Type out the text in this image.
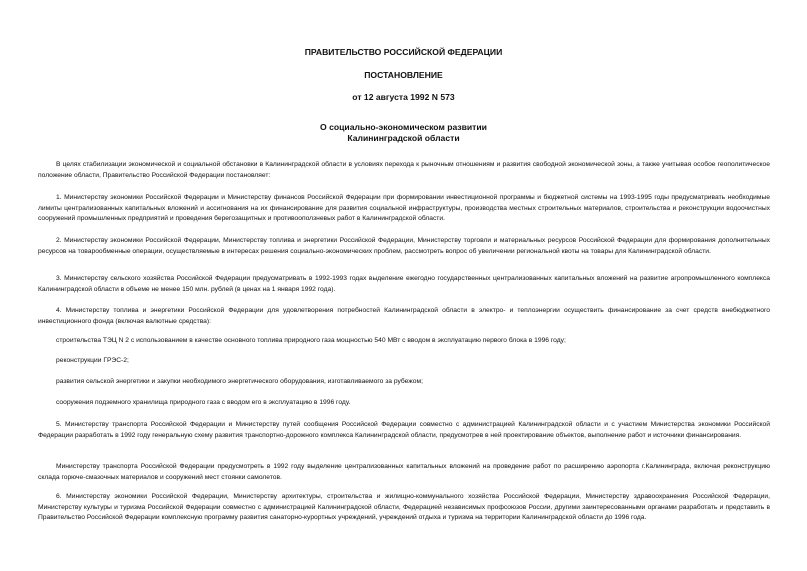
ПРАВИТЕЛЬСТВО РОССИЙСКОЙ ФЕДЕРАЦИИ
ПОСТАНОВЛЕНИЕ
от 12 августа 1992 N 573
О социально-экономическом развитии
Калининградской области

В целях стабилизации экономической и социальной обстановки в Калининградской области в условиях перехода к рыночным отношениям и развития свободной экономической зоны, а также учитывая особое геополитическое положение области, Правительство Российской Федерации постановляет:

1. Министерству экономики Российской Федерации и Министерству финансов Российской Федерации при формировании инвестиционной программы и бюджетной системы на 1993-1995 годы предусматривать необходимые лимиты централизованных капитальных вложений и ассигнования на их финансирование для развития социальной инфраструктуры, производства местных строительных материалов, строительства и реконструкции водоочистных сооружений промышленных предприятий и проведения берегозащитных и противооползневых работ в Калининградской области.

2. Министерству экономики Российской Федерации, Министерству топлива и энергетики Российской Федерации, Министерству торговли и материальных ресурсов Российской Федерации для формирования дополнительных ресурсов на товарообменные операции, осуществляемые в интересах решения социально-экономических проблем, рассмотреть вопрос об увеличении региональной квоты на товары для Калининградской области.

3. Министерству сельского хозяйства Российской Федерации предусматривать в 1992-1993 годах выделение ежегодно государственных централизованных капитальных вложений на развитие агропромышленного комплекса Калининградской области в объеме не менее 150 млн. рублей (в ценах на 1 января 1992 года).

4. Министерству топлива и энергетики Российской Федерации для удовлетворения потребностей Калининградской области в электро- и теплоэнергии осуществить финансирование за счет средств внебюджетного инвестиционного фонда (включая валютные средства):

строительства ТЭЦ N 2 с использованием в качестве основного топлива природного газа мощностью 540 МВт с вводом в эксплуатацию первого блока в 1996 году;

реконструкции ГРЭС-2;

развития сельской энергетики и закупки необходимого энергетического оборудования, изготавливаемого за рубежом;

сооружения подземного хранилища природного газа с вводом его в эксплуатацию в 1996 году.

5. Министерству транспорта Российской Федерации и Министерству путей сообщения Российской Федерации совместно с администрацией Калининградской области и с участием Министерства экономики Российской Федерации разработать в 1992 году генеральную схему развития транспортно-дорожного комплекса Калининградской области, предусмотрев в ней проектирование объектов, выполнение работ и источники финансирования.

Министерству транспорта Российской Федерации предусмотреть в 1992 году выделение централизованных капитальных вложений на проведение работ по расширению аэропорта г.Калининграда, включая реконструкцию склада горюче-смазочных материалов и сооружений мест стоянки самолетов.

6. Министерству экономики Российской Федерации, Министерству архитектуры, строительства и жилищно-коммунального хозяйства Российской Федерации, Министерству здравоохранения Российской Федерации, Министерству культуры и туризма Российской Федерации совместно с администрацией Калининградской области, Федерацией независимых профсоюзов России, другими заинтересованными органами разработать и представить в Правительство Российской Федерации комплексную программу развития санаторно-курортных учреждений, учреждений отдыха и туризма на территории Калининградской области до 1996 года.
